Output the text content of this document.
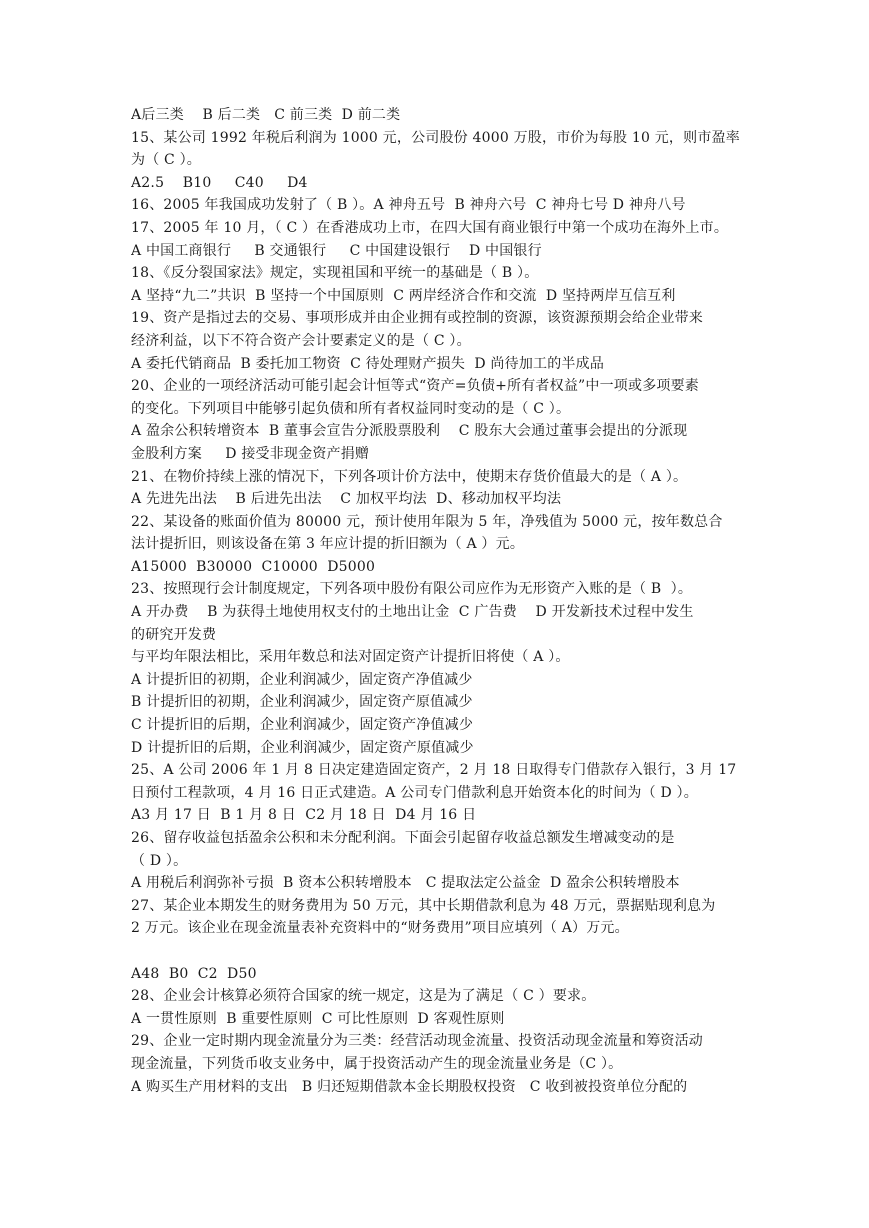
A后三类    B 后二类   C 前三类  D 前二类
15、某公司 1992 年税后利润为 1000 元，公司股份 4000 万股，市价为每股 10 元，则市盈率
为（ C ）。
A2.5    B10     C40     D4
16、2005 年我国成功发射了（ B ）。A 神舟五号  B 神舟六号  C 神舟七号 D 神舟八号
17、2005 年 10 月，（ C ）在香港成功上市，在四大国有商业银行中第一个成功在海外上市。
A 中国工商银行     B 交通银行     C 中国建设银行    D 中国银行
18、《反分裂国家法》规定，实现祖国和平统一的基础是（ B ）。
A 坚持“九二”共识  B 坚持一个中国原则  C 两岸经济合作和交流  D 坚持两岸互信互利
19、资产是指过去的交易、事项形成并由企业拥有或控制的资源，该资源预期会给企业带来
经济利益，以下不符合资产会计要素定义的是（ C ）。
A 委托代销商品  B 委托加工物资  C 待处理财产损失  D 尚待加工的半成品
20、企业的一项经济活动可能引起会计恒等式“资产=负债+所有者权益”中一项或多项要素
的变化。下列项目中能够引起负债和所有者权益同时变动的是（ C ）。
A 盈余公积转增资本  B 董事会宣告分派股票股利    C 股东大会通过董事会提出的分派现
金股利方案     D 接受非现金资产捐赠
21、在物价持续上涨的情况下，下列各项计价方法中，使期末存货价值最大的是（ A ）。
A 先进先出法    B 后进先出法    C 加权平均法  D、移动加权平均法
22、某设备的账面价值为 80000 元，预计使用年限为 5 年，净残值为 5000 元，按年数总合
法计提折旧，则该设备在第 3 年应计提的折旧额为（ A ）元。
A15000  B30000  C10000  D5000
23、按照现行会计制度规定，下列各项中股份有限公司应作为无形资产入账的是（ B  ）。
A 开办费    B 为获得土地使用权支付的土地出让金  C 广告费    D 开发新技术过程中发生
的研究开发费
与平均年限法相比，采用年数总和法对固定资产计提折旧将使（ A ）。
A 计提折旧的初期，企业利润减少，固定资产净值减少
B 计提折旧的初期，企业利润减少，固定资产原值减少
C 计提折旧的后期，企业利润减少，固定资产净值减少
D 计提折旧的后期，企业利润减少，固定资产原值减少
25、A 公司 2006 年 1 月 8 日决定建造固定资产，2 月 18 日取得专门借款存入银行，3 月 17
日预付工程款项，4 月 16 日正式建造。A 公司专门借款利息开始资本化的时间为（ D ）。
A3 月 17 日  B 1 月 8 日  C2 月 18 日  D4 月 16 日
26、留存收益包括盈余公积和未分配利润。下面会引起留存收益总额发生增减变动的是
（ D ）。
A 用税后利润弥补亏损  B 资本公积转增股本   C 提取法定公益金  D 盈余公积转增股本
27、某企业本期发生的财务费用为 50 万元，其中长期借款利息为 48 万元，票据贴现利息为
2 万元。该企业在现金流量表补充资料中的“财务费用”项目应填列（ A）万元。
A48  B0  C2  D50
28、企业会计核算必须符合国家的统一规定，这是为了满足（ C ）要求。
A 一贯性原则  B 重要性原则  C 可比性原则  D 客观性原则
29、企业一定时期内现金流量分为三类：经营活动现金流量、投资活动现金流量和筹资活动
现金流量，下列货币收支业务中，属于投资活动产生的现金流量业务是（C ）。
A 购买生产用材料的支出   B 归还短期借款本金长期股权投资   C 收到被投资单位分配的
